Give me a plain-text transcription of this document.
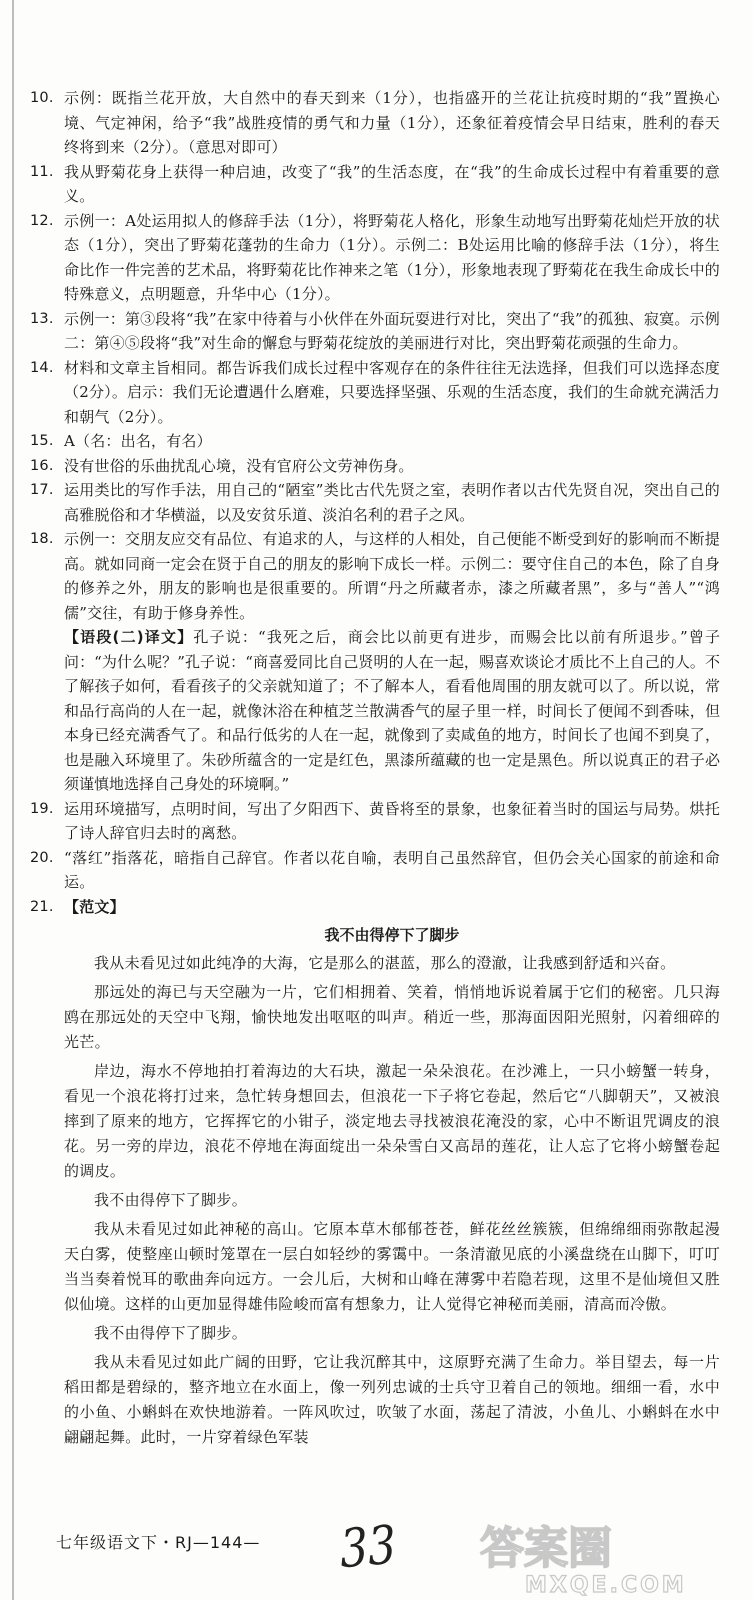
10. 示例：既指兰花开放，大自然中的春天到来（1分），也指盛开的兰花让抗疫时期的“我”置换心境、气定神闲，给予“我”战胜疫情的勇气和力量（1分），还象征着疫情会早日结束，胜利的春天终将到来（2分）。（意思对即可）
11. 我从野菊花身上获得一种启迪，改变了“我”的生活态度，在“我”的生命成长过程中有着重要的意义。
12. 示例一：A处运用拟人的修辞手法（1分），将野菊花人格化，形象生动地写出野菊花灿烂开放的状态（1分），突出了野菊花蓬勃的生命力（1分）。示例二：B处运用比喻的修辞手法（1分），将生命比作一件完善的艺术品，将野菊花比作神来之笔（1分），形象地表现了野菊花在我生命成长中的特殊意义，点明题意，升华中心（1分）。
13. 示例一：第③段将“我”在家中待着与小伙伴在外面玩耍进行对比，突出了“我”的孤独、寂寞。示例二：第④⑤段将“我”对生命的懈怠与野菊花绽放的美丽进行对比，突出野菊花顽强的生命力。
14. 材料和文章主旨相同。都告诉我们成长过程中客观存在的条件往往无法选择，但我们可以选择态度（2分）。启示：我们无论遭遇什么磨难，只要选择坚强、乐观的生活态度，我们的生命就充满活力和朝气（2分）。
15. A（名：出名，有名）
16. 没有世俗的乐曲扰乱心境，没有官府公文劳神伤身。
17. 运用类比的写作手法，用自己的“陋室”类比古代先贤之室，表明作者以古代先贤自况，突出自己的高雅脱俗和才华横溢，以及安贫乐道、淡泊名利的君子之风。
18. 示例一：交朋友应交有品位、有追求的人，与这样的人相处，自己便能不断受到好的影响而不断提高。就如同商一定会在贤于自己的朋友的影响下成长一样。示例二：要守住自己的本色，除了自身的修养之外，朋友的影响也是很重要的。所谓“丹之所藏者赤，漆之所藏者黑”，多与“善人”“鸿儒”交往，有助于修身养性。

【语段(二)译文】孔子说：“我死之后，商会比以前更有进步，而赐会比以前有所退步。”曾子问：“为什么呢？”孔子说：“商喜爱同比自己贤明的人在一起，赐喜欢谈论才质比不上自己的人。不了解孩子如何，看看孩子的父亲就知道了；不了解本人，看看他周围的朋友就可以了。所以说，常和品行高尚的人在一起，就像沐浴在种植芝兰散满香气的屋子里一样，时间长了便闻不到香味，但本身已经充满香气了。和品行低劣的人在一起，就像到了卖咸鱼的地方，时间长了也闻不到臭了，也是融入环境里了。朱砂所蕴含的一定是红色，黑漆所蕴藏的也一定是黑色。所以说真正的君子必须谨慎地选择自己身处的环境啊。”

19. 运用环境描写，点明时间，写出了夕阳西下、黄昏将至的景象，也象征着当时的国运与局势。烘托了诗人辞官归去时的离愁。
20. “落红”指落花，暗指自己辞官。作者以花自喻，表明自己虽然辞官，但仍会关心国家的前途和命运。
21. 【范文】
我不由得停下了脚步

我从未看见过如此纯净的大海，它是那么的湛蓝，那么的澄澈，让我感到舒适和兴奋。

那远处的海已与天空融为一片，它们相拥着、笑着，悄悄地诉说着属于它们的秘密。几只海鸥在那远处的天空中飞翔，愉快地发出呕呕的叫声。稍近一些，那海面因阳光照射，闪着细碎的光芒。

岸边，海水不停地拍打着海边的大石块，激起一朵朵浪花。在沙滩上，一只小螃蟹一转身，看见一个浪花将打过来，急忙转身想回去，但浪花一下子将它卷起，然后它“八脚朝天”，又被浪摔到了原来的地方，它挥挥它的小钳子，淡定地去寻找被浪花淹没的家，心中不断诅咒调皮的浪花。另一旁的岸边，浪花不停地在海面绽出一朵朵雪白又高昂的莲花，让人忘了它将小螃蟹卷起的调皮。

我不由得停下了脚步。

我从未看见过如此神秘的高山。它原本草木郁郁苍苍，鲜花丝丝簇簇，但绵绵细雨弥散起漫天白雾，使整座山顿时笼罩在一层白如轻纱的雾霭中。一条清澈见底的小溪盘绕在山脚下，叮叮当当奏着悦耳的歌曲奔向远方。一会儿后，大树和山峰在薄雾中若隐若现，这里不是仙境但又胜似仙境。这样的山更加显得雄伟险峻而富有想象力，让人觉得它神秘而美丽，清高而冷傲。

我不由得停下了脚步。

我从未看见过如此广阔的田野，它让我沉醉其中，这原野充满了生命力。举目望去，每一片稻田都是碧绿的，整齐地立在水面上，像一列列忠诚的士兵守卫着自己的领地。细细一看，水中的小鱼、小蝌蚪在欢快地游着。一阵风吹过，吹皱了水面，荡起了清波，小鱼儿、小蝌蚪在水中翩翩起舞。此时，一片穿着绿色军装

七年级语文下・RJ—144— 33 答案圈
MXQE.COM
